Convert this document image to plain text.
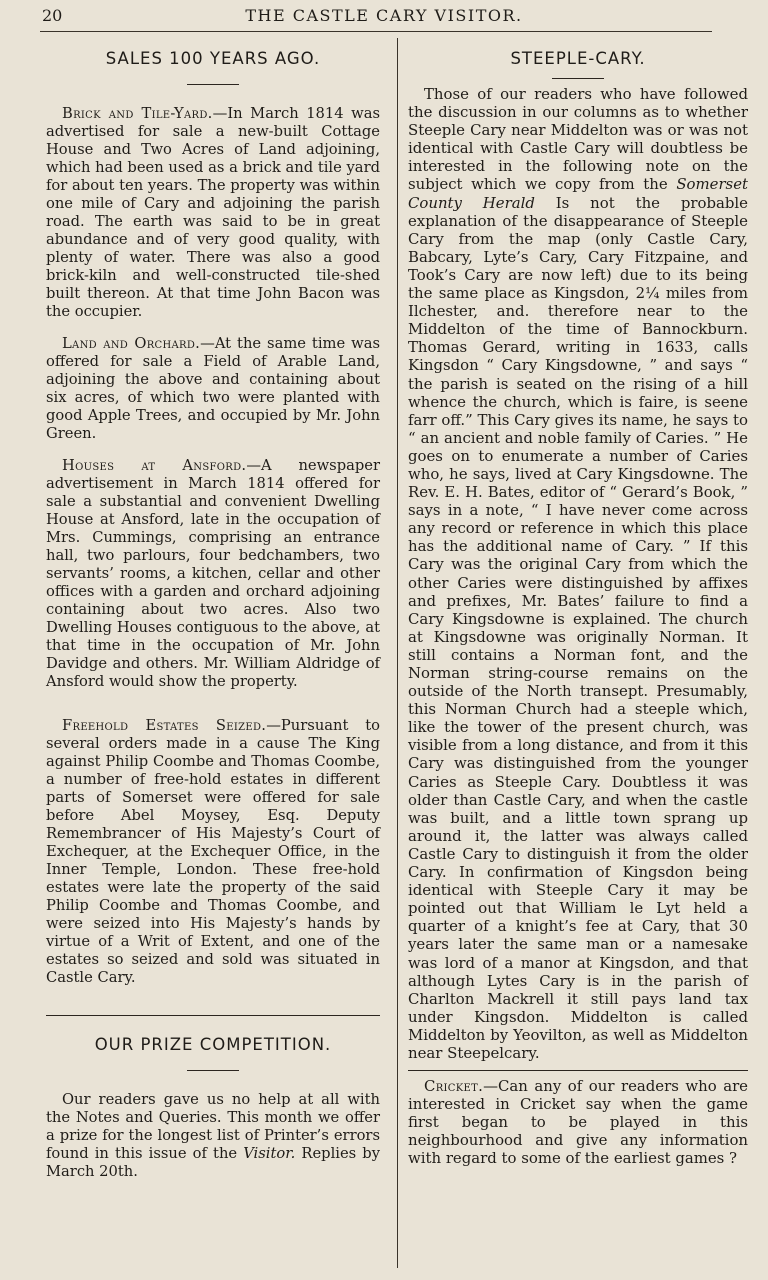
20	THE CASTLE CARY VISITOR.
SALES 100 YEARS AGO.

Brick and Tile-Yard.—In March 1814 was advertised for sale a new-built Cottage House and Two Acres of Land adjoining, which had been used as a brick and tile yard for about ten years. The property was within one mile of Cary and adjoining the parish road. The earth was said to be in great abundance and of very good quality, with plenty of water. There was also a good brick-kiln and well-constructed tile-shed built thereon. At that time John Bacon was the occupier.

Land and Orchard.—At the same time was offered for sale a Field of Arable Land, adjoining the above and containing about six acres, of which two were planted with good Apple Trees, and occupied by Mr. John Green.

Houses at Ansford.—A newspaper advertisement in March 1814 offered for sale a substantial and convenient Dwelling House at Ansford, late in the occupation of Mrs. Cummings, comprising an entrance hall, two parlours, four bedchambers, two servants’ rooms, a kitchen, cellar and other offices with a garden and orchard adjoining containing about two acres. Also two Dwelling Houses contiguous to the above, at that time in the occupation of Mr. John Davidge and others. Mr. William Aldridge of Ansford would show the property.

Freehold Estates Seized.—Pursuant to several orders made in a cause The King against Philip Coombe and Thomas Coombe, a number of free-hold estates in different parts of Somerset were offered for sale before Abel Moysey, Esq. Deputy Remembrancer of His Majesty’s Court of Exchequer, at the Exchequer Office, in the Inner Temple, London. These free-hold estates were late the property of the said Philip Coombe and Thomas Coombe, and were seized into His Majesty’s hands by virtue of a Writ of Extent, and one of the estates so seized and sold was situated in Castle Cary.

OUR PRIZE COMPETITION.

Our readers gave us no help at all with the Notes and Queries. This month we offer a prize for the longest list of Printer’s errors found in this issue of the Visitor. Replies by March 20th.

STEEPLE-CARY.

Those of our readers who have followed the discussion in our columns as to whether Steeple Cary near Middelton was or was not identical with Castle Cary will doubtless be interested in the following note on the subject which we copy from the Somerset County Herald Is not the probable explanation of the disappearance of Steeple Cary from the map (only Castle Cary, Babcary, Lyte’s Cary, Cary Fitzpaine, and Took’s Cary are now left) due to its being the same place as Kingsdon, 2¼ miles from Ilchester, and. therefore near to the Middelton of the time of Bannockburn. Thomas Gerard, writing in 1633, calls Kingsdon “ Cary Kingsdowne, ” and says “ the parish is seated on the rising of a hill whence the church, which is faire, is seene farr off.” This Cary gives its name, he says to “ an ancient and noble family of Caries. ” He goes on to enumerate a number of Caries who, he says, lived at Cary Kingsdowne. The Rev. E. H. Bates, editor of “ Gerard’s Book, ” says in a note, “ I have never come across any record or reference in which this place has the additional name of Cary. ” If this Cary was the original Cary from which the other Caries were distinguished by affixes and prefixes, Mr. Bates’ failure to find a Cary Kingsdowne is explained. The church at Kingsdowne was originally Norman. It still contains a Norman font, and the Norman string-course remains on the outside of the North transept. Presumably, this Norman Church had a steeple which, like the tower of the present church, was visible from a long distance, and from it this Cary was distinguished from the younger Caries as Steeple Cary. Doubtless it was older than Castle Cary, and when the castle was built, and a little town sprang up around it, the latter was always called Castle Cary to distinguish it from the older Cary. In confirmation of Kingsdon being identical with Steeple Cary it may be pointed out that William le Lyt held a quarter of a knight’s fee at Cary, that 30 years later the same man or a namesake was lord of a manor at Kingsdon, and that although Lytes Cary is in the parish of Charlton Mackrell it still pays land tax under Kingsdon. Middelton is called Middelton by Yeovilton, as well as Middelton near Steepelcary.

Cricket.—Can any of our readers who are interested in Cricket say when the game first began to be played in this neighbourhood and give any information with regard to some of the earliest games ?
